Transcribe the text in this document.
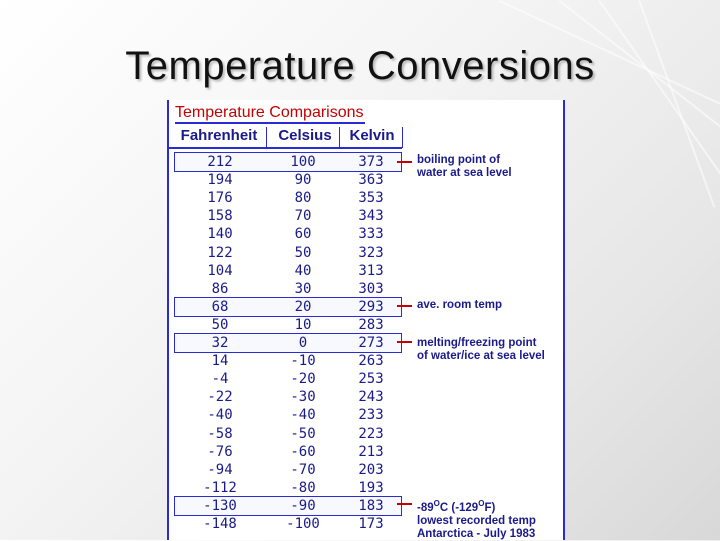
Temperature Conversions
Temperature Comparisons
Fahrenheit	Celsius	Kelvin
212	100	373
194	90	363
176	80	353
158	70	343
140	60	333
122	50	323
104	40	313
86	30	303
68	20	293
50	10	283
32	0	273
14	-10	263
-4	-20	253
-22	-30	243
-40	-40	233
-58	-50	223
-76	-60	213
-94	-70	203
-112	-80	193
-130	-90	183
-148	-100	173
boiling point of
water at sea level
ave. room temp
melting/freezing point
of water/ice at sea level
$-89^OC$ $(-129^OF)$
lowest recorded temp
Antarctica - July 1983
